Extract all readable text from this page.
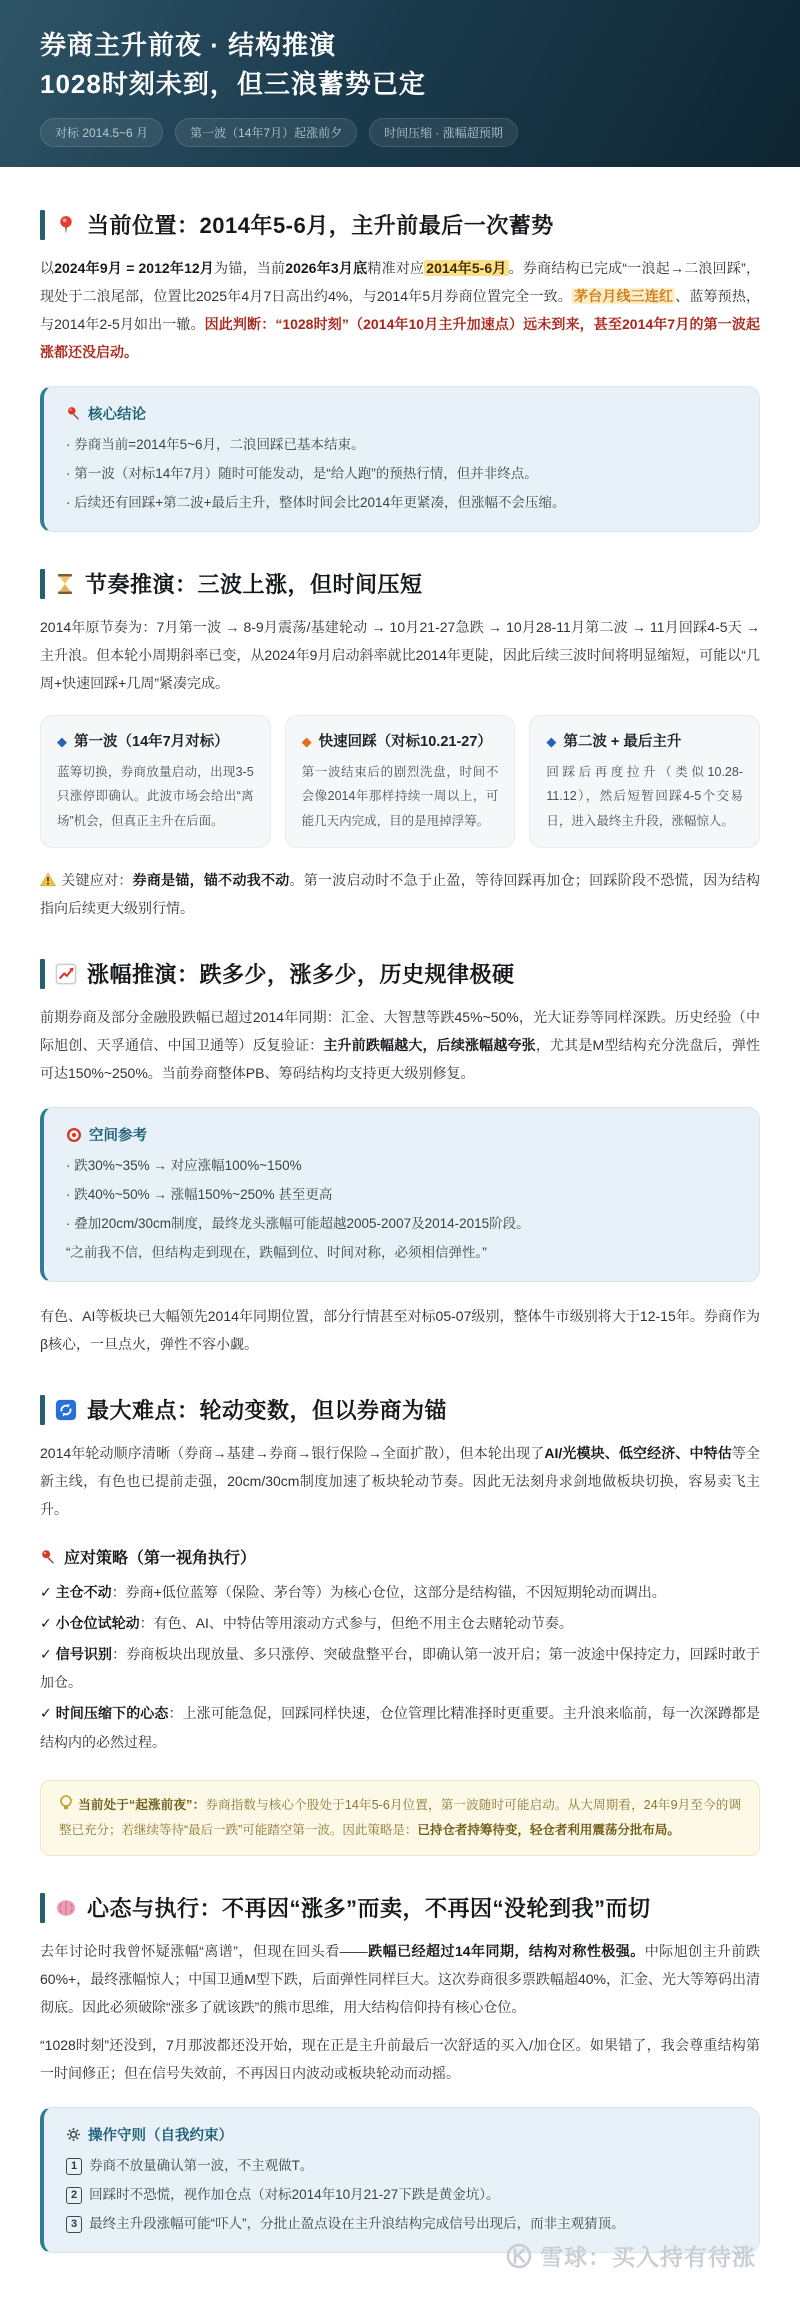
券商主升前夜 · 结构推演
1028时刻未到，但三浪蓄势已定
对标 2014.5~6 月	第一波（14年7月）起涨前夕	时间压缩 · 涨幅超预期
当前位置：2014年5-6月，主升前最后一次蓄势

以2024年9月 = 2012年12月为锚，当前2026年3月底精准对应 2014年5-6月 。券商结构已完成“一浪起→二浪回踩”，现处于二浪尾部，位置比2025年4月7日高出约4%，与2014年5月券商位置完全一致。 茅台月线三连红 、蓝筹预热，与2014年2-5月如出一辙。因此判断：“1028时刻”（2014年10月主升加速点）远未到来，甚至2014年7月的第一波起涨都还没启动。

核心结论
· 券商当前=2014年5~6月，二浪回踩已基本结束。
· 第一波（对标14年7月）随时可能发动，是“给人跑”的预热行情，但并非终点。
· 后续还有回踩+第二波+最后主升，整体时间会比2014年更紧凑，但涨幅不会压缩。
节奏推演：三波上涨，但时间压短

2014年原节奏为：7月第一波 → 8-9月震荡/基建轮动 → 10月21-27急跌 → 10月28-11月第二波 → 11月回踩4-5天 → 主升浪。但本轮小周期斜率已变，从2024年9月启动斜率就比2014年更陡，因此后续三波时间将明显缩短，可能以“几周+快速回踩+几周”紧凑完成。

◆ 第一波（14年7月对标）
蓝筹切换，券商放量启动，出现3-5只涨停即确认。此波市场会给出“离场”机会，但真正主升在后面。
◆ 快速回踩（对标10.21-27）
第一波结束后的剧烈洗盘，时间不会像2014年那样持续一周以上，可能几天内完成，目的是甩掉浮筹。
◆ 第二波 + 最后主升
回踩后再度拉升（类似10.28-11.12），然后短暂回踩4-5个交易日，进入最终主升段，涨幅惊人。

关键应对：券商是锚，锚不动我不动。第一波启动时不急于止盈，等待回踩再加仓；回踩阶段不恐慌，因为结构指向后续更大级别行情。

涨幅推演：跌多少，涨多少，历史规律极硬

前期券商及部分金融股跌幅已超过2014年同期：汇金、大智慧等跌45%~50%，光大证券等同样深跌。历史经验（中际旭创、天孚通信、中国卫通等）反复验证：主升前跌幅越大，后续涨幅越夸张，尤其是M型结构充分洗盘后，弹性可达150%~250%。当前券商整体PB、筹码结构均支持更大级别修复。

空间参考
· 跌30%~35% → 对应涨幅100%~150%
· 跌40%~50% → 涨幅150%~250% 甚至更高
· 叠加20cm/30cm制度，最终龙头涨幅可能超越2005-2007及2014-2015阶段。
“之前我不信，但结构走到现在，跌幅到位、时间对称，必须相信弹性。”

有色、AI等板块已大幅领先2014年同期位置，部分行情甚至对标05-07级别，整体牛市级别将大于12-15年。券商作为β核心，一旦点火，弹性不容小觑。

最大难点：轮动变数，但以券商为锚

2014年轮动顺序清晰（券商→基建→券商→银行保险→全面扩散），但本轮出现了AI/光模块、低空经济、中特估等全新主线，有色也已提前走强，20cm/30cm制度加速了板块轮动节奏。因此无法刻舟求剑地做板块切换，容易卖飞主升。

应对策略（第一视角执行）
✓ 主仓不动：券商+低位蓝筹（保险、茅台等）为核心仓位，这部分是结构锚，不因短期轮动而调出。
✓ 小仓位试轮动：有色、AI、中特估等用滚动方式参与，但绝不用主仓去赌轮动节奏。
✓ 信号识别：券商板块出现放量、多只涨停、突破盘整平台，即确认第一波开启；第一波途中保持定力，回踩时敢于加仓。
✓ 时间压缩下的心态：上涨可能急促，回踩同样快速，仓位管理比精准择时更重要。主升浪来临前，每一次深蹲都是结构内的必然过程。

当前处于“起涨前夜”：券商指数与核心个股处于14年5-6月位置，第一波随时可能启动。从大周期看，24年9月至今的调整已充分；若继续等待“最后一跌”可能踏空第一波。因此策略是：已持仓者持筹待变，轻仓者利用震荡分批布局。

心态与执行：不再因“涨多”而卖，不再因“没轮到我”而切

去年讨论时我曾怀疑涨幅“离谱”，但现在回头看——跌幅已经超过14年同期，结构对称性极强。中际旭创主升前跌60%+，最终涨幅惊人；中国卫通M型下跌，后面弹性同样巨大。这次券商很多票跌幅超40%，汇金、光大等筹码出清彻底。因此必须破除“涨多了就该跌”的熊市思维，用大结构信仰持有核心仓位。

“1028时刻”还没到，7月那波都还没开始，现在正是主升前最后一次舒适的买入/加仓区。如果错了，我会尊重结构第一时间修正；但在信号失效前，不再因日内波动或板块轮动而动摇。

操作守则（自我约束）
1 券商不放量确认第一波，不主观做T。
2 回踩时不恐慌，视作加仓点（对标2014年10月21-27下跌是黄金坑）。
3 最终主升段涨幅可能“吓人”，分批止盈点设在主升浪结构完成信号出现后，而非主观猜顶。
雪球：买入持有待涨
